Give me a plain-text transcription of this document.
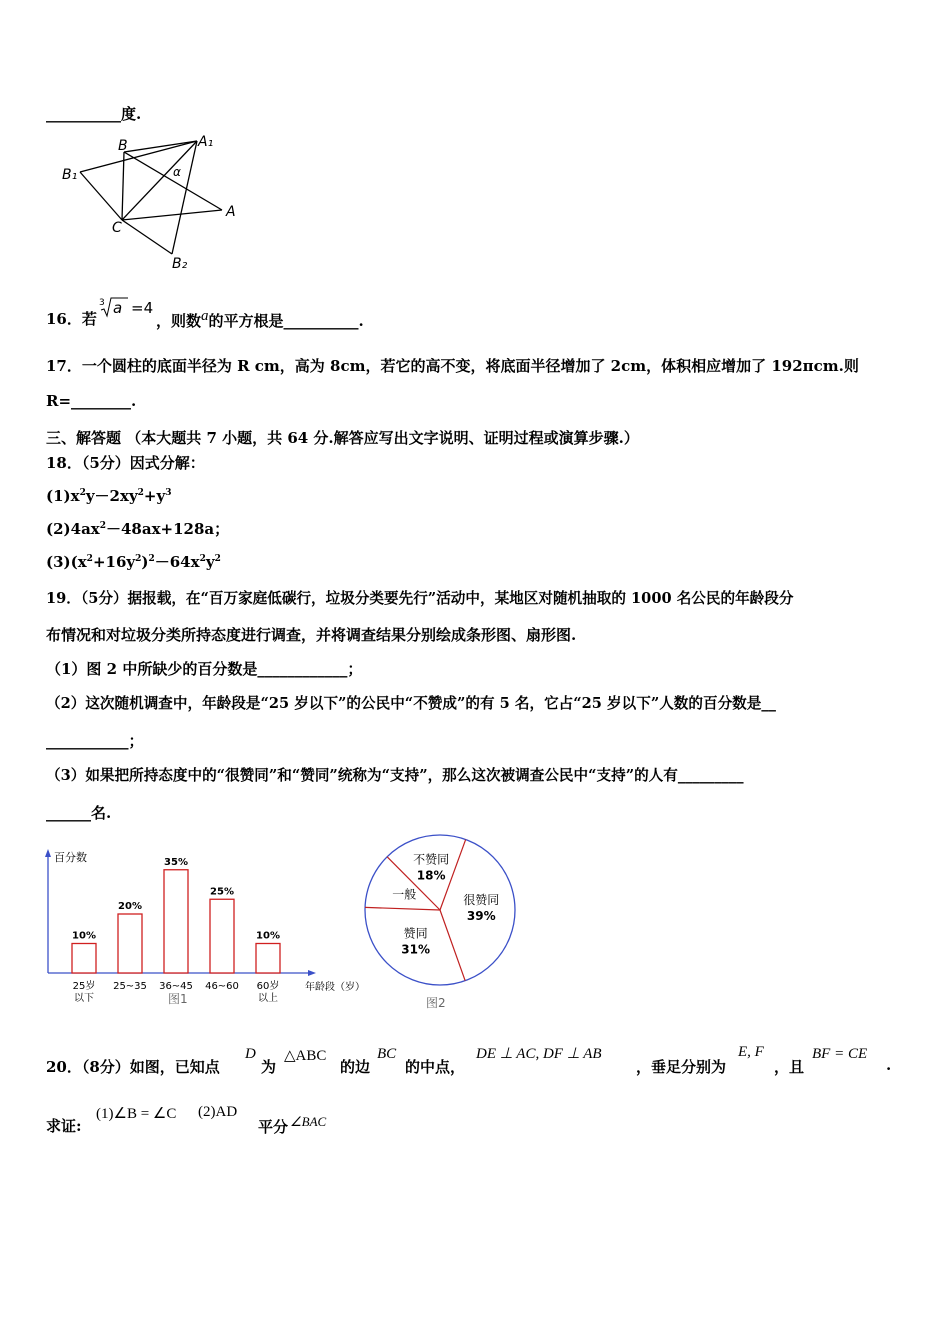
__________度.
B	A₁
B₁	α
A
C
B₂
16．若
3 a =4
，则数a的平方根是__________.
17．一个圆柱的底面半径为 R cm，高为 8cm，若它的高不变，将底面半径增加了 2cm，体积相应增加了 192πcm.则
R=________.
三、解答题 （本大题共 7 小题，共 64 分.解答应写出文字说明、证明过程或演算步骤.）
18．（5分）因式分解：
$(1)x^2y-2xy^2+y^3$
$(2)4ax^2-48ax+128a$；
$(3)(x^2+16y^2)^2-64x^2y^2$
19．（5分）据报载，在“百万家庭低碳行，垃圾分类要先行”活动中，某地区对随机抽取的 1000 名公民的年龄段分
布情况和对垃圾分类所持态度进行调查，并将调查结果分别绘成条形图、扇形图.
（1）图 2 中所缺少的百分数是____________；
（2）这次随机调查中，年龄段是“25 岁以下”的公民中“不赞成”的有 5 名，它占“25 岁以下”人数的百分数是__
___________；
（3）如果把所持态度中的“很赞同”和“赞同”统称为“支持”，那么这次被调查公民中“支持”的人有_________
______名.
百分数
年龄段（岁）
图1
10%
25岁
以下
20%
25~35
35%
36~45
25%
46~60
10%
60岁
以上
很赞同
39%
赞同
31%
一般
不赞同
18%
图2
20．（8分）如图，已知点
D
为
△ABC
的边
BC
的中点，
DE ⊥ AC, DF ⊥ AB
，垂足分别为
E, F
，且
BF = CE
.
求证:
(1)∠B = ∠C (2)AD
平分 ∠BAC
